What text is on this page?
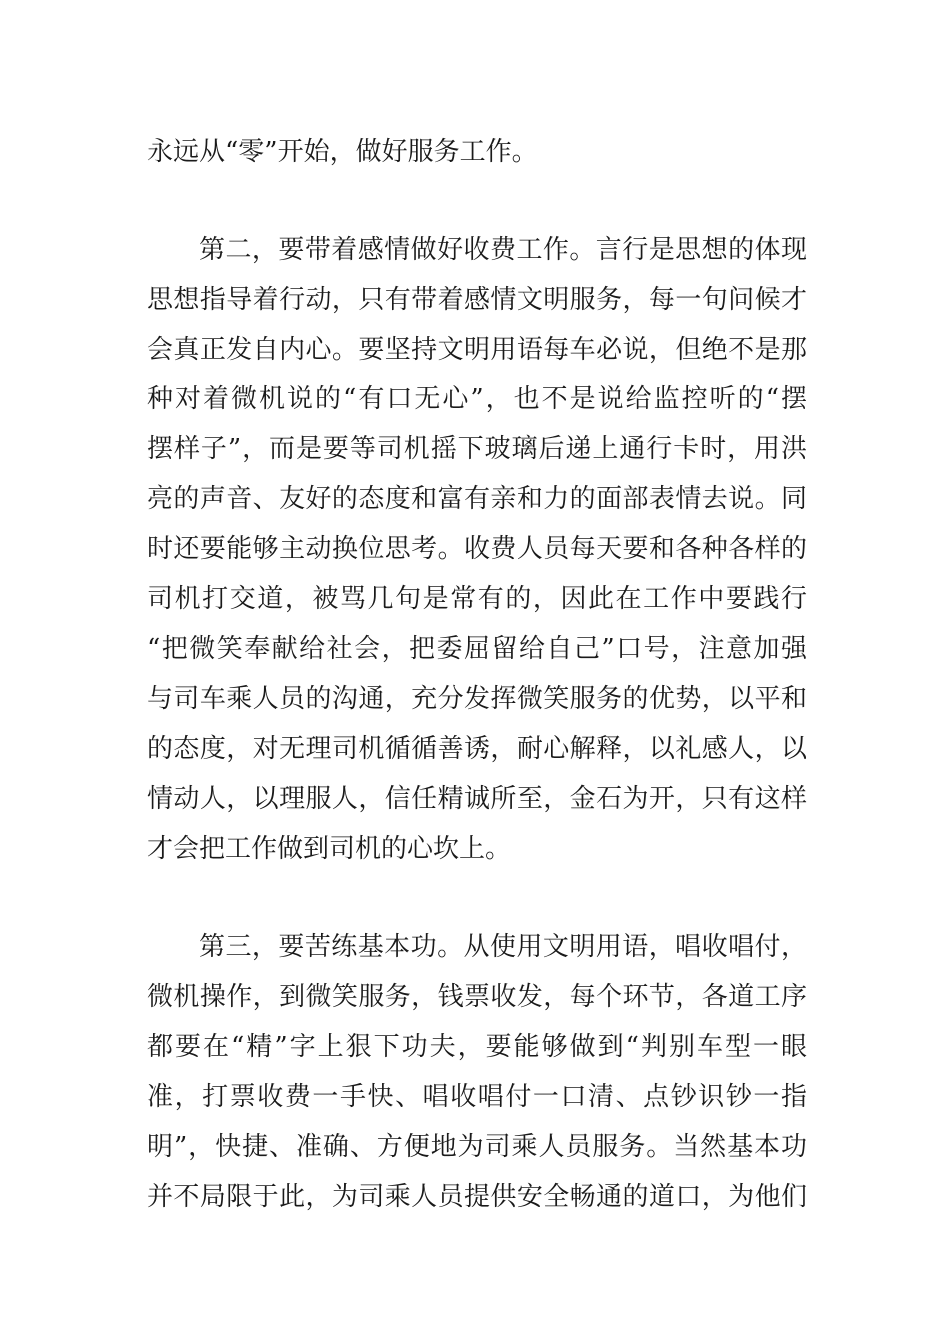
永远从“零”开始，做好服务工作。
第二，要带着感情做好收费工作。言行是思想的体现
思想指导着行动，只有带着感情文明服务，每一句问候才
会真正发自内心。要坚持文明用语每车必说，但绝不是那
种对着微机说的“有口无心”，也不是说给监控听的“摆
摆样子”，而是要等司机摇下玻璃后递上通行卡时，用洪
亮的声音、友好的态度和富有亲和力的面部表情去说。同
时还要能够主动换位思考。收费人员每天要和各种各样的
司机打交道，被骂几句是常有的，因此在工作中要践行
“把微笑奉献给社会，把委屈留给自己”口号，注意加强
与司车乘人员的沟通，充分发挥微笑服务的优势，以平和
的态度，对无理司机循循善诱，耐心解释，以礼感人，以
情动人，以理服人，信任精诚所至，金石为开，只有这样
才会把工作做到司机的心坎上。
第三，要苦练基本功。从使用文明用语，唱收唱付，
微机操作，到微笑服务，钱票收发，每个环节，各道工序
都要在“精”字上狠下功夫，要能够做到“判别车型一眼
准，打票收费一手快、唱收唱付一口清、点钞识钞一指
明”，快捷、准确、方便地为司乘人员服务。当然基本功
并不局限于此，为司乘人员提供安全畅通的道口，为他们
